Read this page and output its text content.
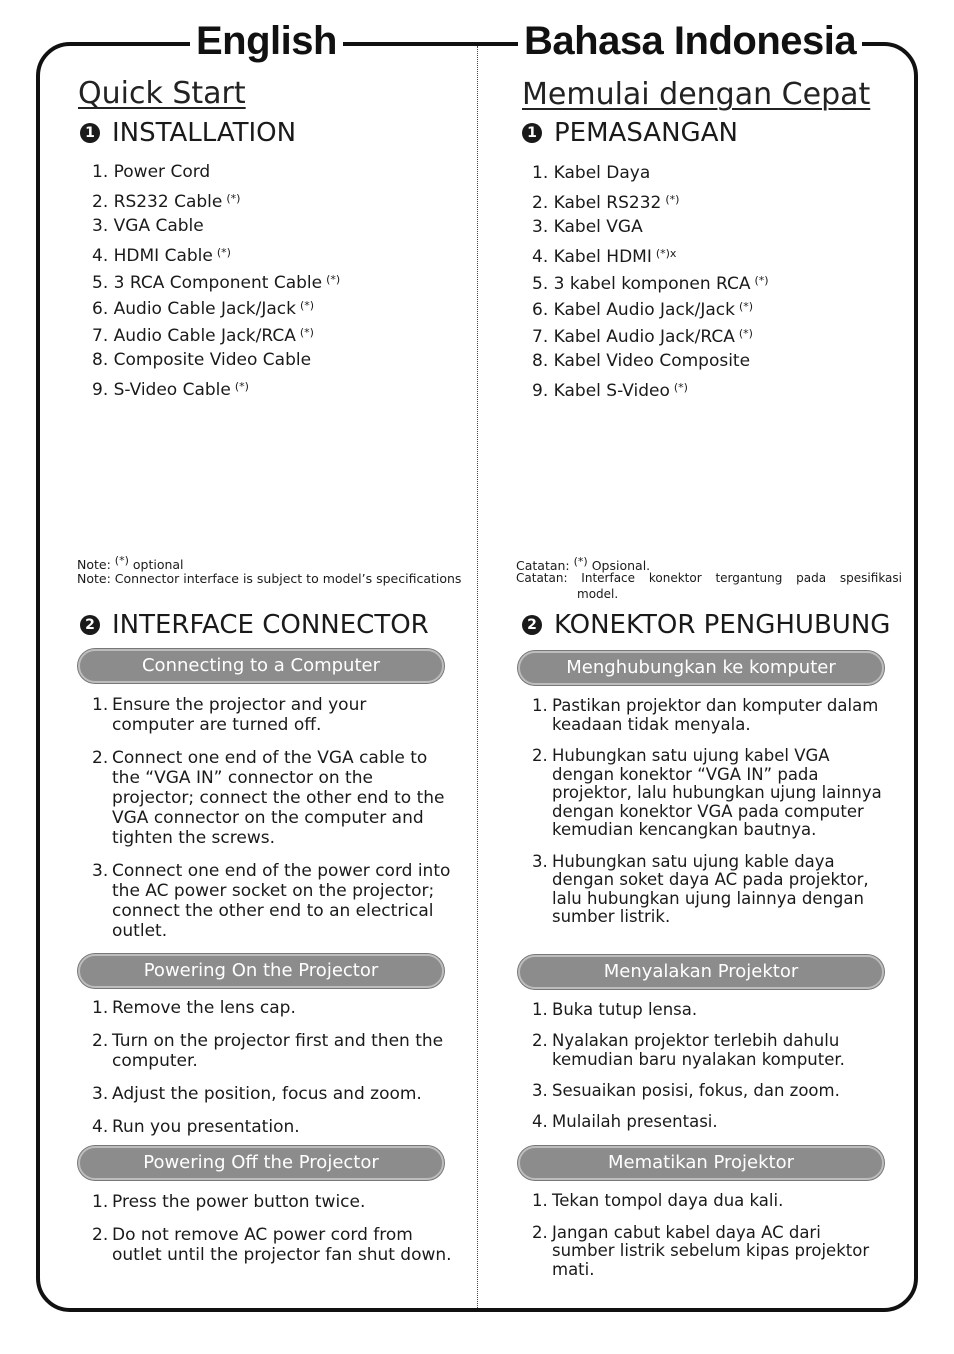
English	Bahasa Indonesia
Quick Start
1 INSTALLATION
1. Power Cord
2. RS232 Cable (*)
3. VGA Cable
4. HDMI Cable (*)
5. 3 RCA Component Cable (*)
6. Audio Cable Jack/Jack (*)
7. Audio Cable Jack/RCA (*)
8. Composite Video Cable
9. S-Video Cable (*)
Note: (*) optional
Note: Connector interface is subject to model’s specifications
2 INTERFACE CONNECTOR
Connecting to a Computer
1. Ensure the projector and your computer are turned off.
2. Connect one end of the VGA cable to the “VGA IN” connector on the projector; connect the other end to the VGA connector on the computer and tighten the screws.
3. Connect one end of the power cord into the AC power socket on the projector; connect the other end to an electrical outlet.
Powering On the Projector
1. Remove the lens cap.
2. Turn on the projector first and then the computer.
3. Adjust the position, focus and zoom.
4. Run you presentation.
Powering Off the Projector
1. Press the power button twice.
2. Do not remove AC power cord from outlet until the projector fan shut down.
Memulai dengan Cepat
1 PEMASANGAN
1. Kabel Daya
2. Kabel RS232 (*)
3. Kabel VGA
4. Kabel HDMI $^{(*)x}$
5. 3 kabel komponen RCA (*)
6. Kabel Audio Jack/Jack (*)
7. Kabel Audio Jack/RCA (*)
8. Kabel Video Composite
9. Kabel S-Video (*)
Catatan: (*) Opsional.
Catatan: Interface konektor tergantung pada spesifikasi
model.
2 KONEKTOR PENGHUBUNG
Menghubungkan ke komputer
1. Pastikan projektor dan komputer dalam keadaan tidak menyala.
2. Hubungkan satu ujung kabel VGA dengan konektor “VGA IN” pada projektor, lalu hubungkan ujung lainnya dengan konektor VGA pada computer kemudian kencangkan bautnya.
3. Hubungkan satu ujung kable daya dengan soket daya AC pada projektor, lalu hubungkan ujung lainnya dengan sumber listrik.
Menyalakan Projektor
1. Buka tutup lensa.
2. Nyalakan projektor terlebih dahulu kemudian baru nyalakan komputer.
3. Sesuaikan posisi, fokus, dan zoom.
4. Mulailah presentasi.
Mematikan Projektor
1. Tekan tompol daya dua kali.
2. Jangan cabut kabel daya AC dari sumber listrik sebelum kipas projektor mati.
